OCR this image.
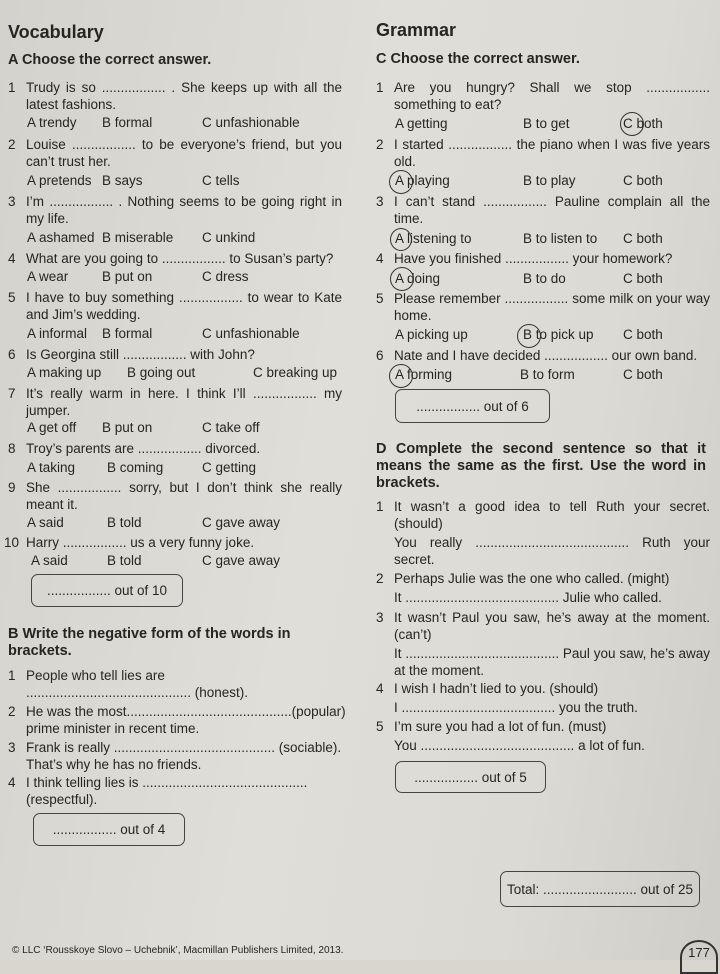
Vocabulary
A Choose the correct answer.
1 Trudy is so ................. . She keeps up with all the latest fashions.
A trendy B formal	C unfashionable
2 Louise ................. to be everyone’s friend, but you can’t trust her.
A pretends B says	C tells
3 I’m ................. . Nothing seems to be going right in my life.
A ashamed B miserable C unkind
4 What are you going to ................. to Susan’s party?
A wear B put on	C dress
5 I have to buy something ................. to wear to Kate and Jim’s wedding.
A informal B formal	C unfashionable
6 Is Georgina still ................. with John?
A making up B going out	C breaking up
7 It’s really warm in here. I think I’ll ................. my jumper.
A get off B put on	C take off
8 Troy’s parents are ................. divorced.
A taking B coming	C getting
9 She ................. sorry, but I don’t think she really meant it.
A said	B told	C gave away
10 Harry ................. us a very funny joke.
A said	B told	C gave away
................. out of 10
B Write the negative form of the words in brackets.
1 People who tell lies are ............................................ (honest).
2 He was the most............................................(popular) prime minister in recent time.
3 Frank is really ........................................... (sociable). That’s why he has no friends.
4 I think telling lies is ............................................ (respectful).
................. out of 4
Grammar
C Choose the correct answer.
1 Are you hungry? Shall we stop ................. something to eat?
A getting	B to get	C both
2 I started ................. the piano when I was five years old.
A playing	B to play	C both
3 I can’t stand ................. Pauline complain all the time.
A listening to	B to listen to C both
4 Have you finished ................. your homework?
A doing	B to do	C both
5 Please remember ................. some milk on your way home.
A picking up	B to pick up C both
6 Nate and I have decided ................. our own band.
A forming	B to form	C both
................. out of 6
D Complete the second sentence so that it means the same as the first. Use the word in brackets.
1 It wasn’t a good idea to tell Ruth your secret. (should)
You really ......................................... Ruth your secret.
2 Perhaps Julie was the one who called. (might)
It ......................................... Julie who called.
3 It wasn’t Paul you saw, he’s away at the moment. (can’t)
It ......................................... Paul you saw, he’s away at the moment.
4 I wish I hadn’t lied to you. (should)
I ......................................... you the truth.
5 I’m sure you had a lot of fun. (must)
You ......................................... a lot of fun.
................. out of 5
Total: ......................... out of 25
© LLC ‘Rousskoye Slovo – Uchebnik’, Macmillan Publishers Limited, 2013.	177
